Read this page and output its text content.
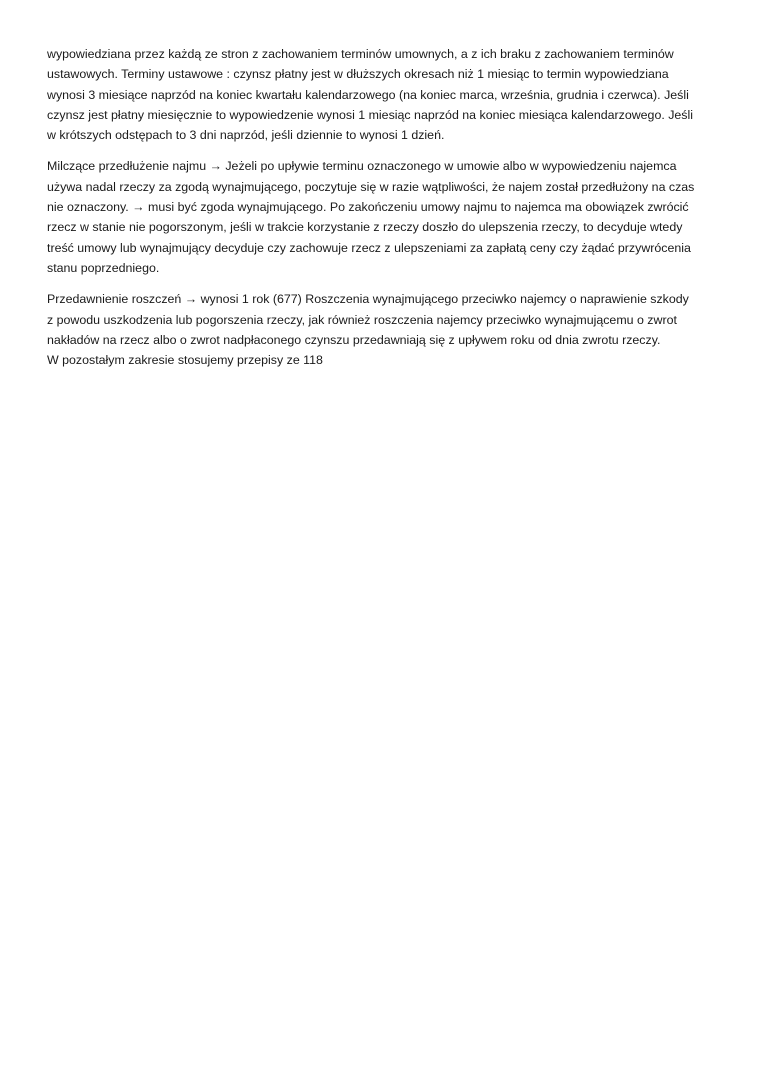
wypowiedziana przez każdą ze stron z zachowaniem terminów umownych, a z ich braku z zachowaniem terminów
ustawowych. Terminy ustawowe : czynsz płatny jest w dłuższych okresach niż 1 miesiąc to termin wypowiedziana
wynosi 3 miesiące naprzód na koniec kwartału kalendarzowego (na koniec marca, września, grudnia i czerwca). Jeśli
czynsz jest płatny miesięcznie to wypowiedzenie wynosi 1 miesiąc naprzód na koniec miesiąca kalendarzowego. Jeśli
w krótszych odstępach to 3 dni naprzód, jeśli dziennie to wynosi 1 dzień.

Milczące przedłużenie najmu → Jeżeli po upływie terminu oznaczonego w umowie albo w wypowiedzeniu najemca
używa nadal rzeczy za zgodą wynajmującego, poczytuje się w razie wątpliwości, że najem został przedłużony na czas
nie oznaczony. → musi być zgoda wynajmującego. Po zakończeniu umowy najmu to najemca ma obowiązek zwrócić
rzecz w stanie nie pogorszonym, jeśli w trakcie korzystanie z rzeczy doszło do ulepszenia rzeczy, to decyduje wtedy
treść umowy lub wynajmujący decyduje czy zachowuje rzecz z ulepszeniami za zapłatą ceny czy żądać przywrócenia
stanu poprzedniego.

Przedawnienie roszczeń → wynosi 1 rok (677) Roszczenia wynajmującego przeciwko najemcy o naprawienie szkody
z powodu uszkodzenia lub pogorszenia rzeczy, jak również roszczenia najemcy przeciwko wynajmującemu o zwrot
nakładów na rzecz albo o zwrot nadpłaconego czynszu przedawniają się z upływem roku od dnia zwrotu rzeczy.
W pozostałym zakresie stosujemy przepisy ze 118
